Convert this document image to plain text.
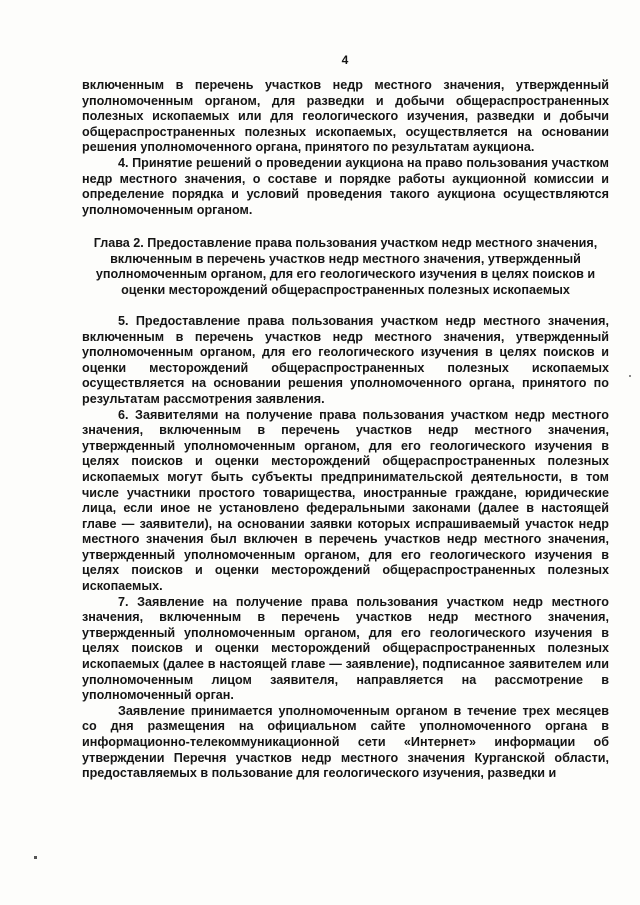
4

включенным в перечень участков недр местного значения, утвержденный уполномоченным органом, для разведки и добычи общераспространенных полезных ископаемых или для геологического изучения, разведки и добычи общераспространенных полезных ископаемых, осуществляется на основании решения уполномоченного органа, принятого по результатам аукциона.

4. Принятие решений о проведении аукциона на право пользования участком недр местного значения, о составе и порядке работы аукционной комиссии и определение порядка и условий проведения такого аукциона осуществляются уполномоченным органом.

Глава 2. Предоставление права пользования участком недр местного значения, включенным в перечень участков недр местного значения, утвержденный уполномоченным органом, для его геологического изучения в целях поисков и оценки месторождений общераспространенных полезных ископаемых

5. Предоставление права пользования участком недр местного значения, включенным в перечень участков недр местного значения, утвержденный уполномоченным органом, для его геологического изучения в целях поисков и оценки месторождений общераспространенных полезных ископаемых осуществляется на основании решения уполномоченного органа, принятого по результатам рассмотрения заявления.

6. Заявителями на получение права пользования участком недр местного значения, включенным в перечень участков недр местного значения, утвержденный уполномоченным органом, для его геологического изучения в целях поисков и оценки месторождений общераспространенных полезных ископаемых могут быть субъекты предпринимательской деятельности, в том числе участники простого товарищества, иностранные граждане, юридические лица, если иное не установлено федеральными законами (далее в настоящей главе — заявители), на основании заявки которых испрашиваемый участок недр местного значения был включен в перечень участков недр местного значения, утвержденный уполномоченным органом, для его геологического изучения в целях поисков и оценки месторождений общераспространенных полезных ископаемых.

7. Заявление на получение права пользования участком недр местного значения, включенным в перечень участков недр местного значения, утвержденный уполномоченным органом, для его геологического изучения в целях поисков и оценки месторождений общераспространенных полезных ископаемых (далее в настоящей главе — заявление), подписанное заявителем или уполномоченным лицом заявителя, направляется на рассмотрение в уполномоченный орган.

Заявление принимается уполномоченным органом в течение трех месяцев со дня размещения на официальном сайте уполномоченного органа в информационно-телекоммуникационной сети «Интернет» информации об утверждении Перечня участков недр местного значения Курганской области, предоставляемых в пользование для геологического изучения, разведки и
